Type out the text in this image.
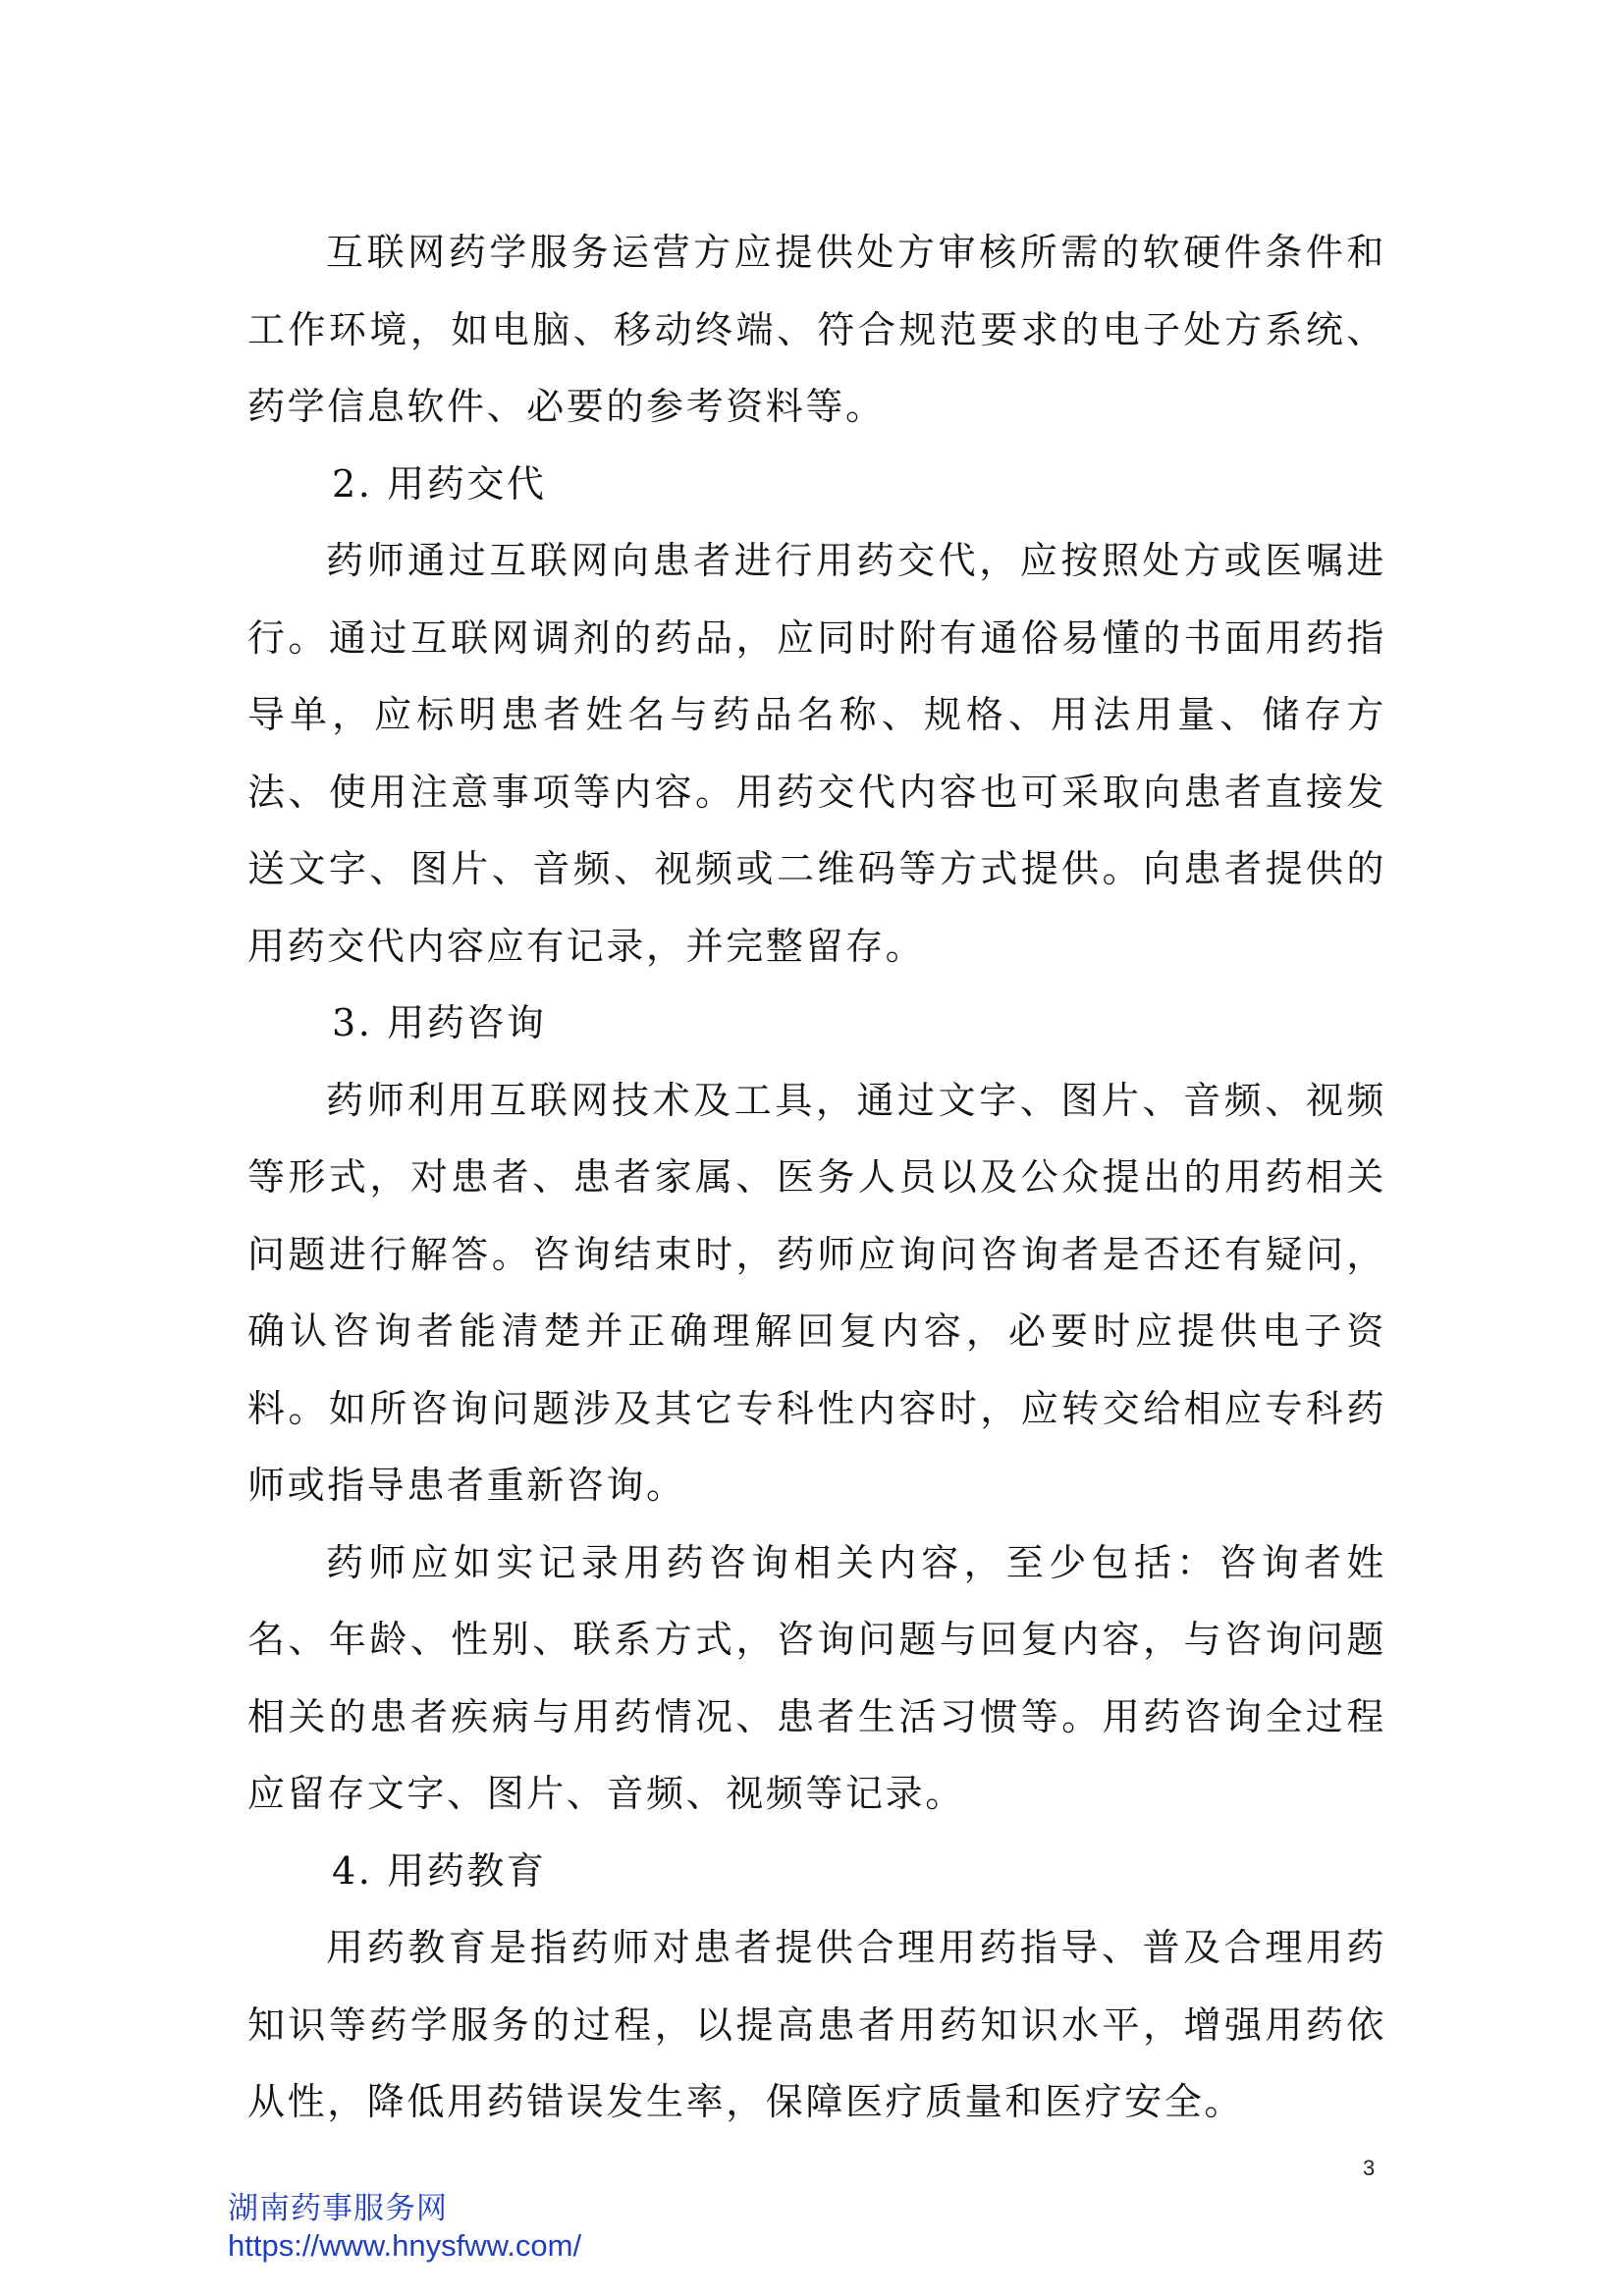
互联网药学服务运营方应提供处方审核所需的软硬件条件和工作环境，如电脑、移动终端、符合规范要求的电子处方系统、药学信息软件、必要的参考资料等。

2. 用药交代

药师通过互联网向患者进行用药交代，应按照处方或医嘱进行。通过互联网调剂的药品，应同时附有通俗易懂的书面用药指导单，应标明患者姓名与药品名称、规格、用法用量、储存方法、使用注意事项等内容。用药交代内容也可采取向患者直接发送文字、图片、音频、视频或二维码等方式提供。向患者提供的用药交代内容应有记录，并完整留存。

3. 用药咨询

药师利用互联网技术及工具，通过文字、图片、音频、视频等形式，对患者、患者家属、医务人员以及公众提出的用药相关问题进行解答。咨询结束时，药师应询问咨询者是否还有疑问，确认咨询者能清楚并正确理解回复内容，必要时应提供电子资料。如所咨询问题涉及其它专科性内容时，应转交给相应专科药师或指导患者重新咨询。

药师应如实记录用药咨询相关内容，至少包括：咨询者姓名、年龄、性别、联系方式，咨询问题与回复内容，与咨询问题相关的患者疾病与用药情况、患者生活习惯等。用药咨询全过程应留存文字、图片、音频、视频等记录。

4. 用药教育

用药教育是指药师对患者提供合理用药指导、普及合理用药知识等药学服务的过程，以提高患者用药知识水平，增强用药依从性，降低用药错误发生率，保障医疗质量和医疗安全。

3
湖南药事服务网
https://www.hnysfww.com/
